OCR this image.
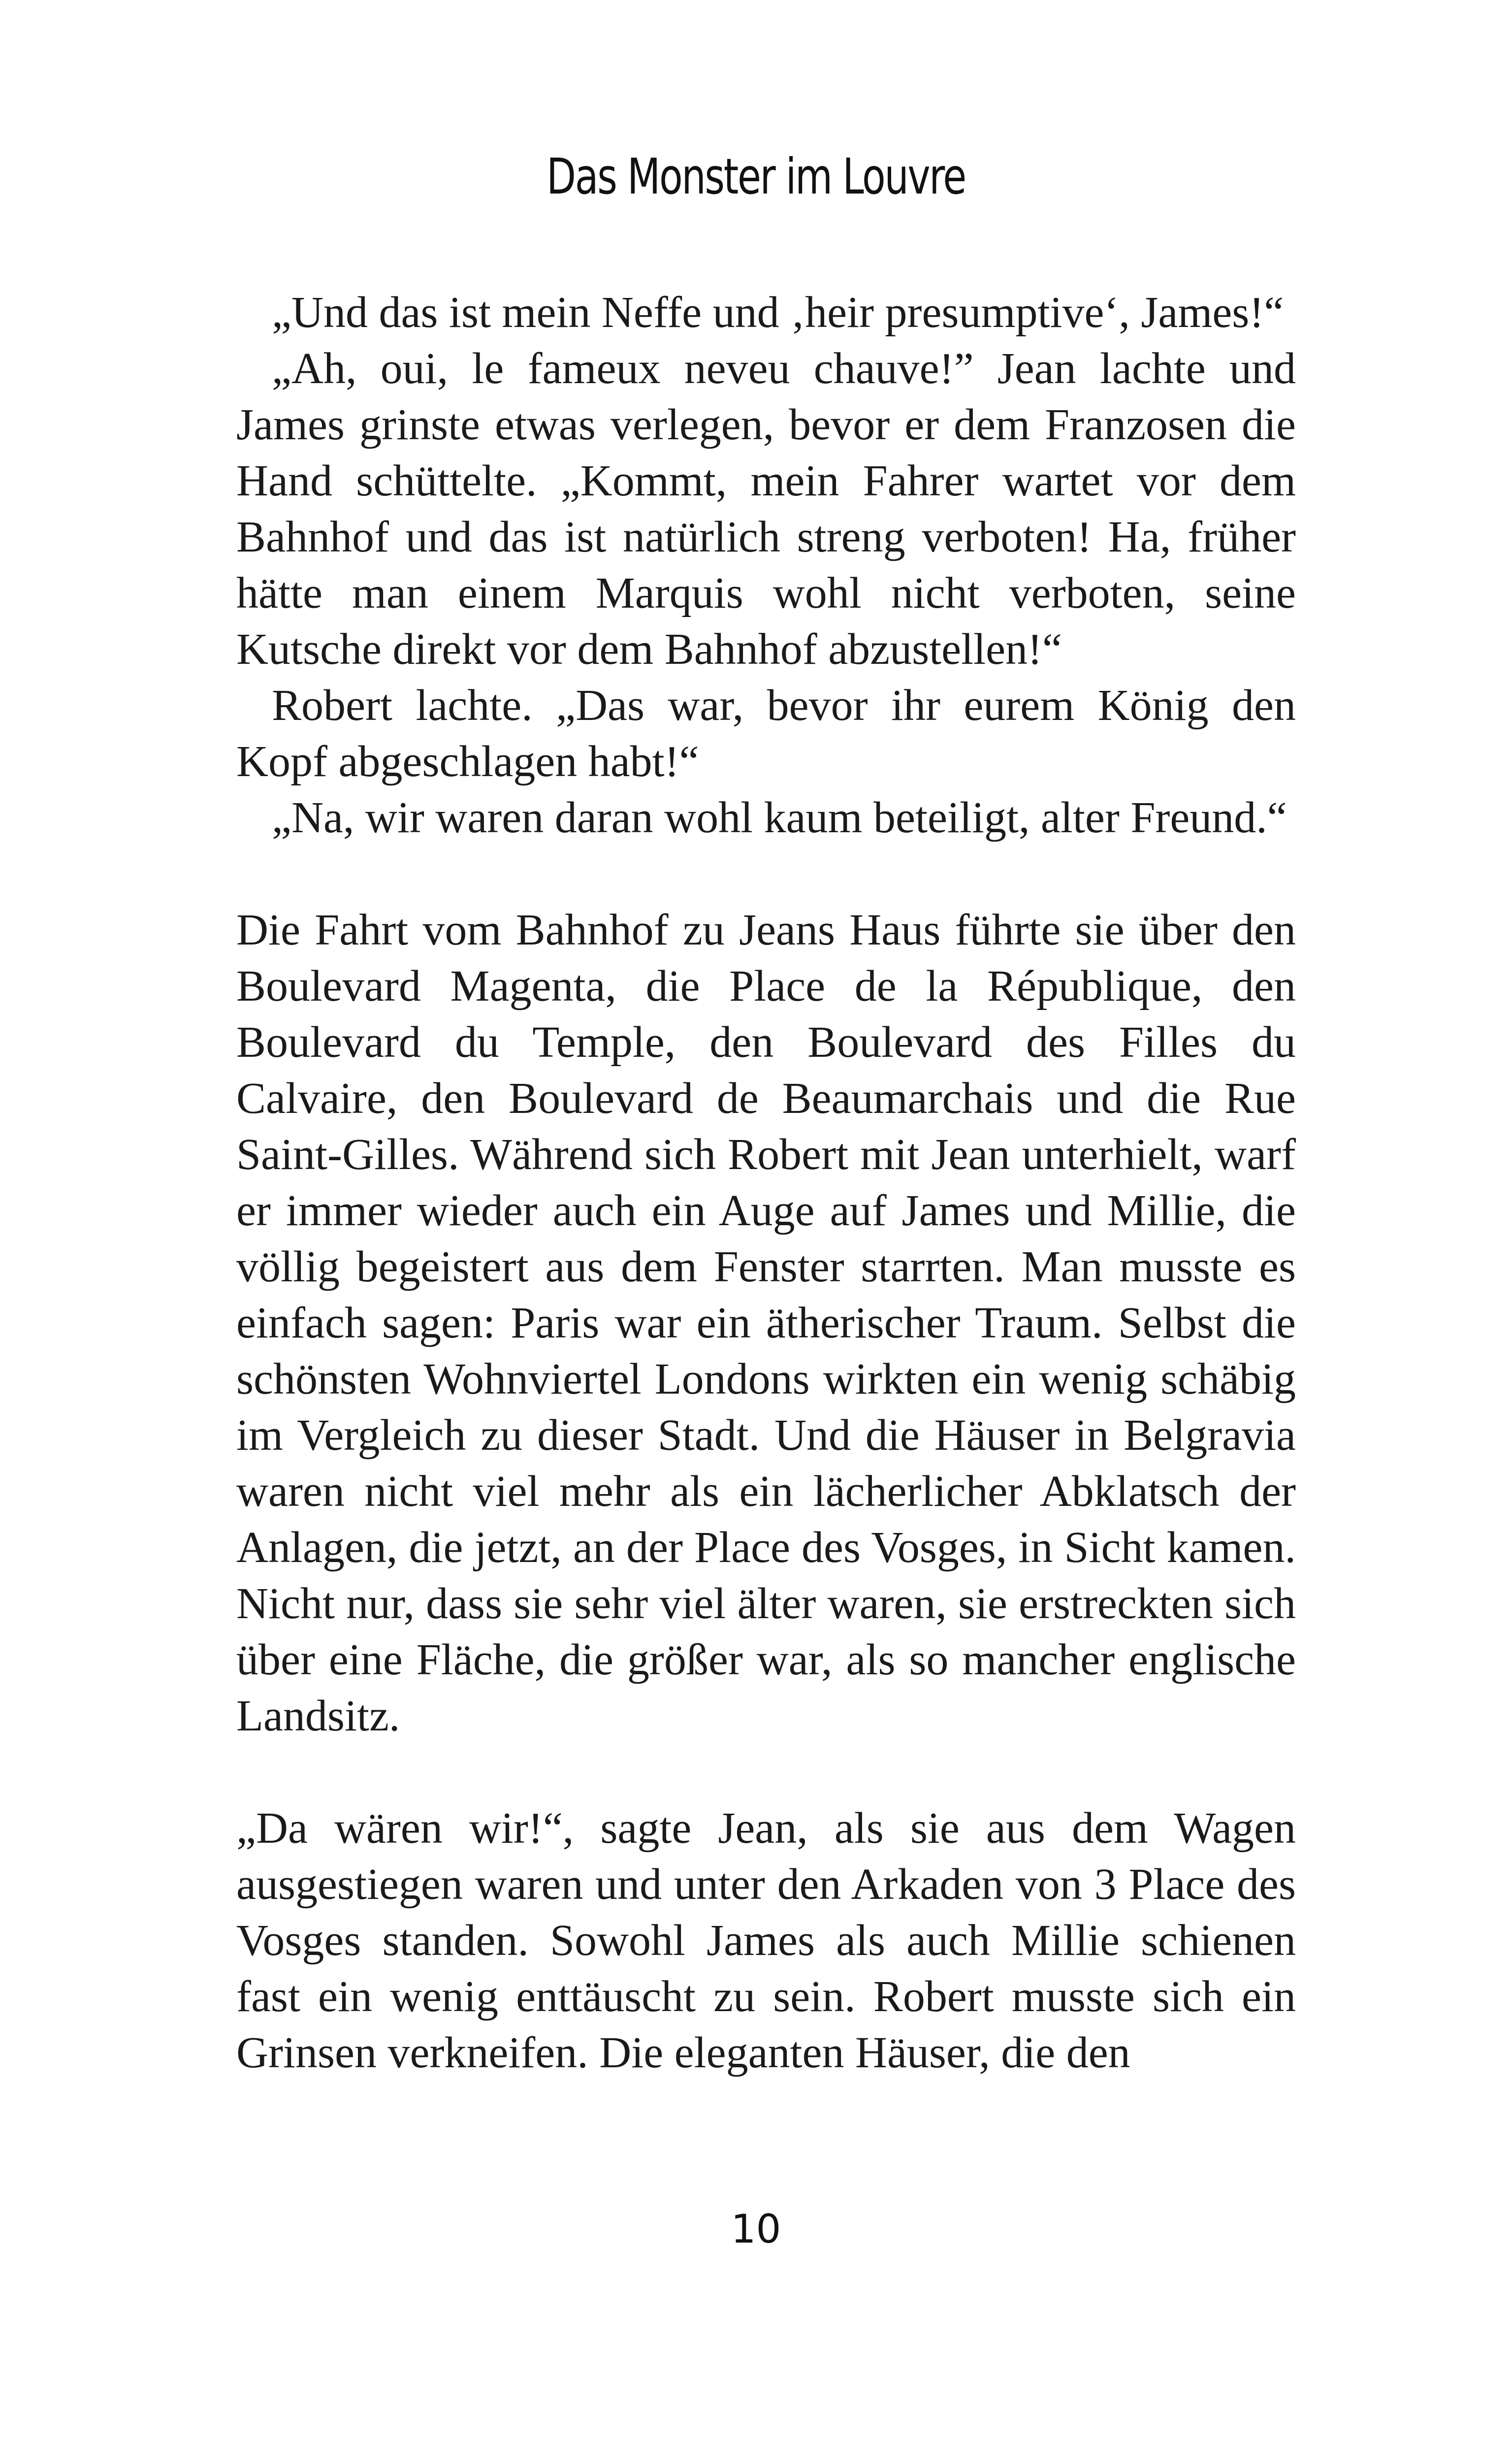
Das Monster im Louvre

„Und das ist mein Neffe und ‚heir presumptive‘, James!“

„Ah, oui, le fameux neveu chauve!” Jean lachte und James grinste etwas verlegen, bevor er dem Franzosen die Hand schüttelte. „Kommt, mein Fahrer wartet vor dem Bahnhof und das ist natürlich streng verboten! Ha, früher hätte man einem Marquis wohl nicht verboten, seine Kutsche direkt vor dem Bahnhof abzustellen!“

Robert lachte. „Das war, bevor ihr eurem König den Kopf abgeschlagen habt!“

„Na, wir waren daran wohl kaum beteiligt, alter Freund.“

Die Fahrt vom Bahnhof zu Jeans Haus führte sie über den Boulevard Magenta, die Place de la République, den Boulevard du Temple, den Boulevard des Filles du Calvaire, den Boulevard de Beaumarchais und die Rue Saint-Gilles. Während sich Robert mit Jean unterhielt, warf er immer wieder auch ein Auge auf James und Millie, die völlig begeistert aus dem Fenster starrten. Man musste es einfach sagen: Paris war ein ätherischer Traum. Selbst die schönsten Wohnviertel Londons wirkten ein wenig schäbig im Vergleich zu dieser Stadt. Und die Häuser in Belgravia waren nicht viel mehr als ein lächerlicher Abklatsch der Anlagen, die jetzt, an der Place des Vosges, in Sicht kamen. Nicht nur, dass sie sehr viel älter waren, sie erstreckten sich über eine Fläche, die größer war, als so mancher englische Landsitz.

„Da wären wir!“, sagte Jean, als sie aus dem Wagen ausgestiegen waren und unter den Arkaden von 3 Place des Vosges standen. Sowohl James als auch Millie schienen fast ein wenig enttäuscht zu sein. Robert musste sich ein Grinsen verkneifen. Die eleganten Häuser, die den

10
